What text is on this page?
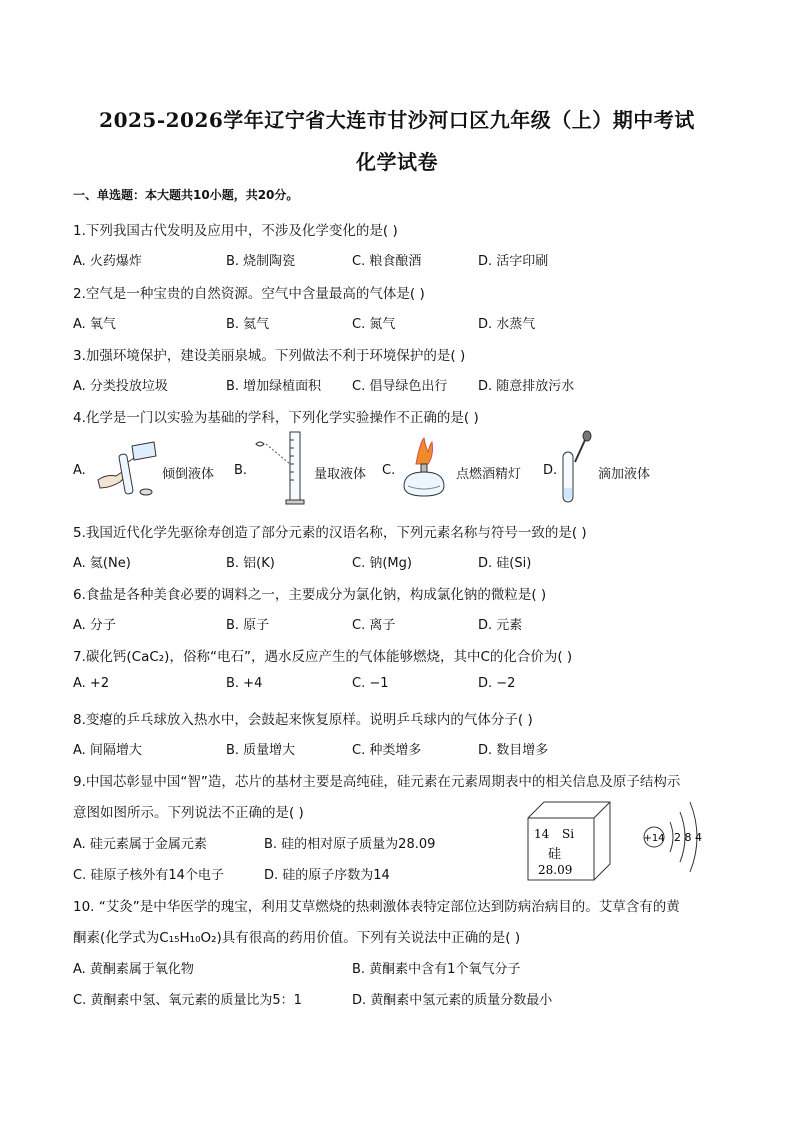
2025-2026学年辽宁省大连市甘沙河口区九年级（上）期中考试
化学试卷
一、单选题：本大题共10小题，共20分。
1.下列我国古代发明及应用中，不涉及化学变化的是( )
A. 火药爆炸	B. 烧制陶瓷	C. 粮食酿酒	D. 活字印刷
2.空气是一种宝贵的自然资源。空气中含量最高的气体是( )
A. 氧气	B. 氦气	C. 氮气	D. 水蒸气
3.加强环境保护，建设美丽泉城。下列做法不利于环境保护的是( )
A. 分类投放垃圾	B. 增加绿植面积 C. 倡导绿色出行 D. 随意排放污水
4.化学是一门以实验为基础的学科，下列化学实验操作不正确的是( )
A.	倾倒液体 B.	量取液体 C.	点燃酒精灯 D.	滴加液体
5.我国近代化学先驱徐寿创造了部分元素的汉语名称，下列元素名称与符号一致的是( )
A. 氦(Ne)	B. 铝(K)	C. 钠(Mg)	D. 硅(Si)
6.食盐是各种美食必要的调料之一，主要成分为氯化钠，构成氯化钠的微粒是( )
A. 分子	B. 原子	C. 离子	D. 元素
7.碳化钙(CaC₂)，俗称“电石”，遇水反应产生的气体能够燃烧，其中C的化合价为( )
A. +2	B. +4	C. −1	D. −2
8.变瘪的乒乓球放入热水中，会鼓起来恢复原样。说明乒乓球内的气体分子( )
A. 间隔增大	B. 质量增大	C. 种类增多	D. 数目增多
9.中国芯彰显中国“智”造，芯片的基材主要是高纯硅，硅元素在元素周期表中的相关信息及原子结构示
意图如图所示。下列说法不正确的是( )
A. 硅元素属于金属元素	B. 硅的相对原子质量为28.09
C. 硅原子核外有14个电子	D. 硅的原子序数为14
14 Si
硅
28.09
+14 2 8 4
10. “艾灸”是中华医学的瑰宝，利用艾草燃烧的热刺激体表特定部位达到防病治病目的。艾草含有的黄
酮素(化学式为C₁₅H₁₀O₂)具有很高的药用价值。下列有关说法中正确的是( )
A. 黄酮素属于氧化物	B. 黄酮素中含有1个氧气分子
C. 黄酮素中氢、氧元素的质量比为5：1	D. 黄酮素中氢元素的质量分数最小
